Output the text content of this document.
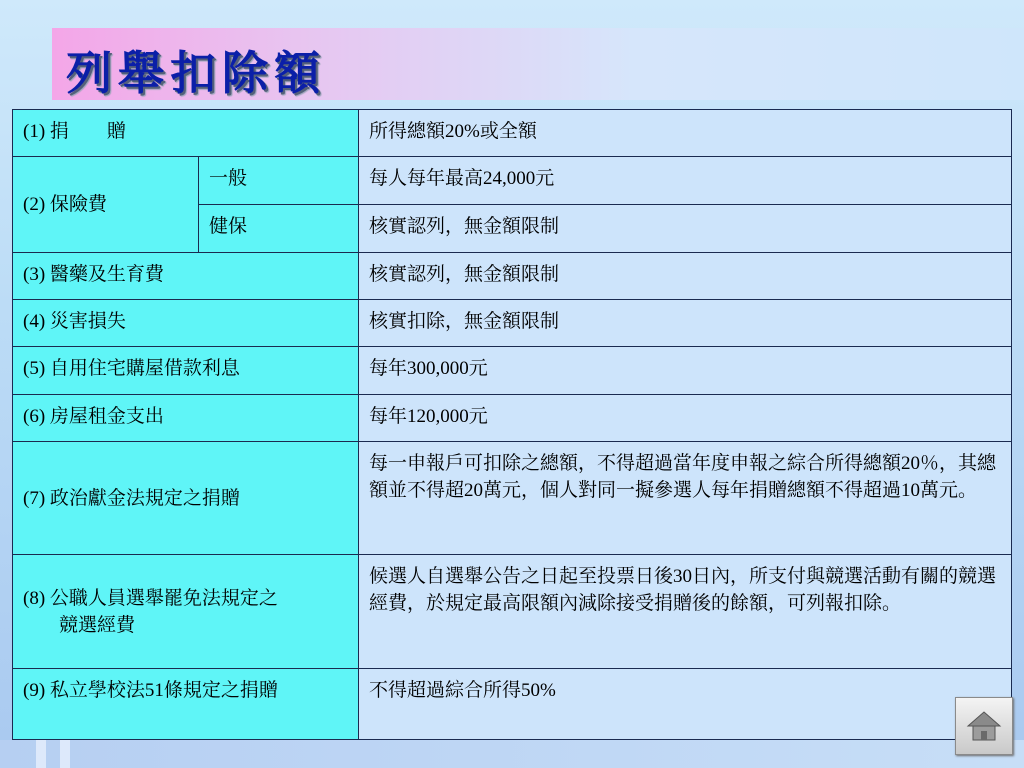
列舉扣除額
(1) 捐　　贈		所得總額20%或全額
(2) 保險費	一般	每人每年最高24,000元
	健保	核實認列，無金額限制
(3) 醫藥及生育費		核實認列，無金額限制
(4) 災害損失		核實扣除，無金額限制
(5) 自用住宅購屋借款利息		每年300,000元
(6) 房屋租金支出		每年120,000元
(7) 政治獻金法規定之捐贈		每一申報戶可扣除之總額，不得超過當年度申報之綜合所得總額20％，其總額並不得超20萬元，個人對同一擬參選人每年捐贈總額不得超過10萬元。
(8) 公職人員選舉罷免法規定之
競選經費		候選人自選舉公告之日起至投票日後30日內，所支付與競選活動有關的競選經費，於規定最高限額內減除接受捐贈後的餘額，可列報扣除。
(9) 私立學校法51條規定之捐贈		不得超過綜合所得50%
